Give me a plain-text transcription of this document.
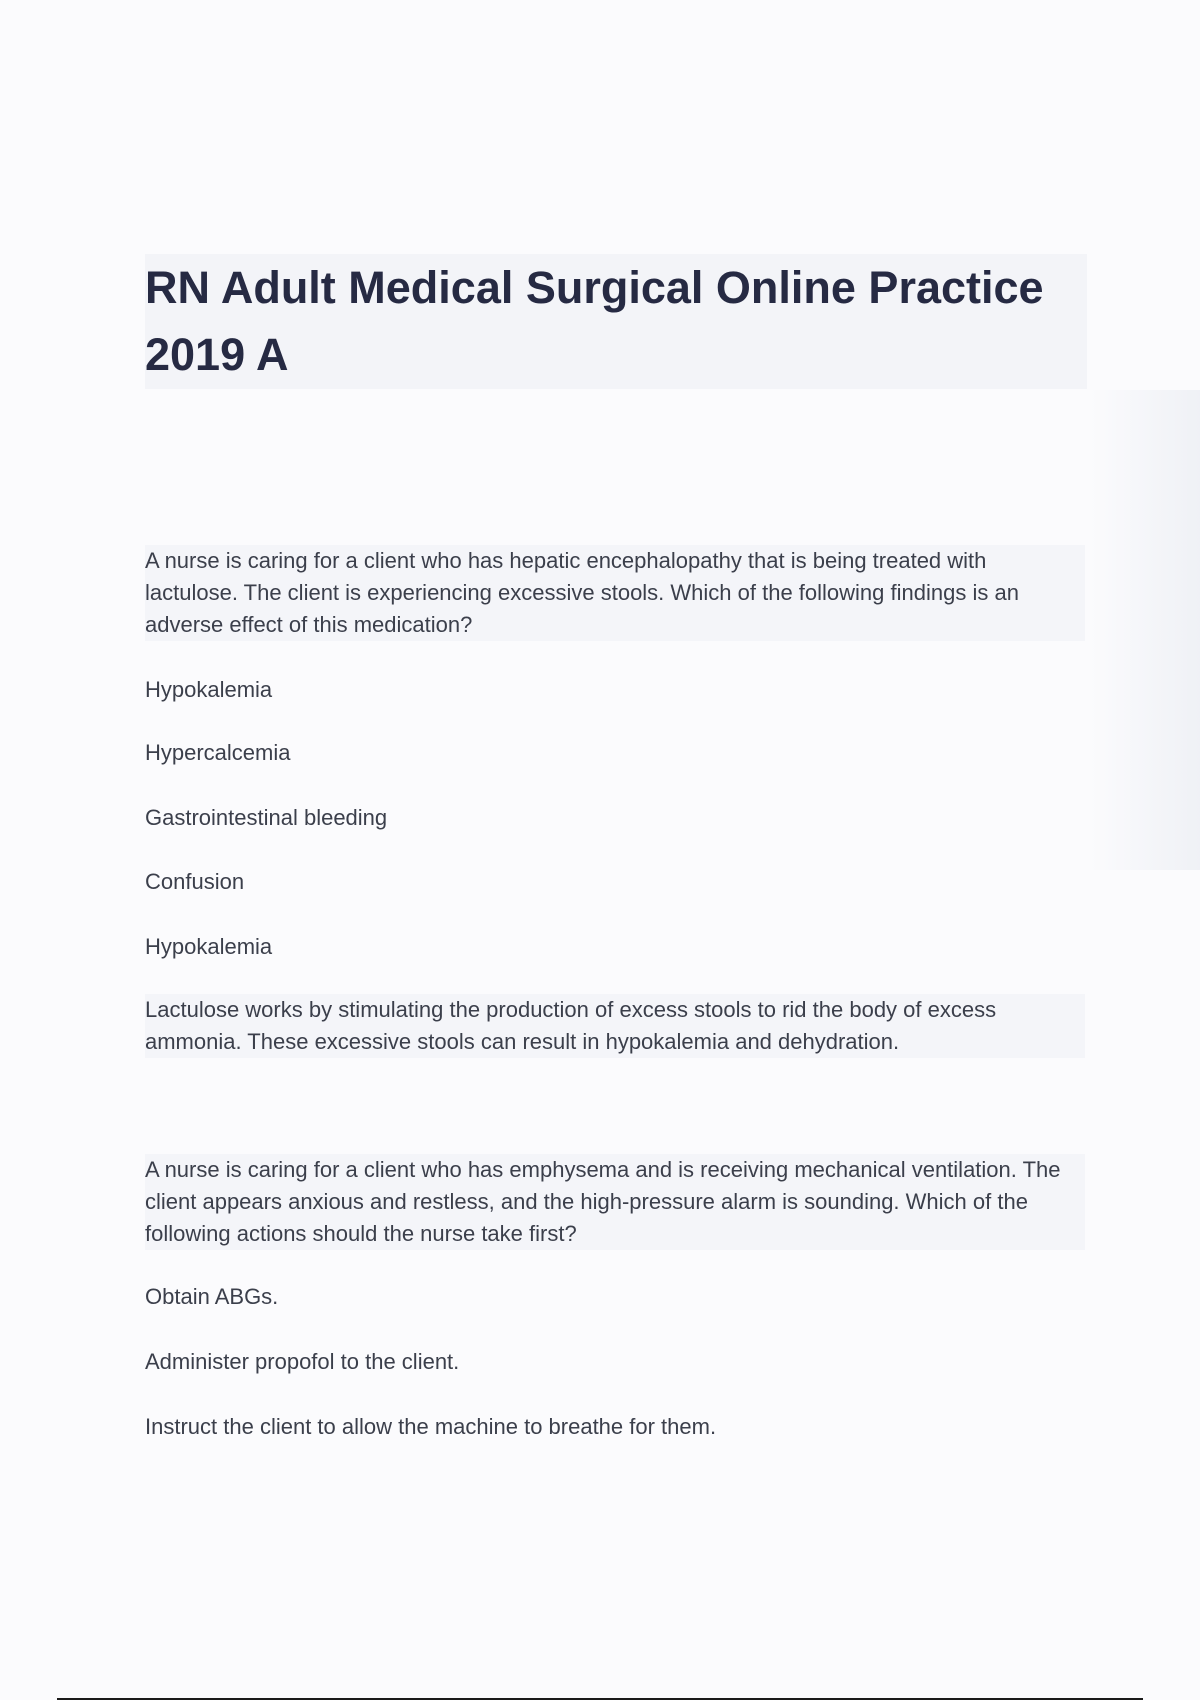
RN Adult Medical Surgical Online Practice 2019 A

A nurse is caring for a client who has hepatic encephalopathy that is being treated with lactulose. The client is experiencing excessive stools. Which of the following findings is an adverse effect of this medication?

Hypokalemia
Hypercalcemia
Gastrointestinal bleeding
Confusion
Hypokalemia

Lactulose works by stimulating the production of excess stools to rid the body of excess ammonia. These excessive stools can result in hypokalemia and dehydration.

A nurse is caring for a client who has emphysema and is receiving mechanical ventilation. The client appears anxious and restless, and the high-pressure alarm is sounding. Which of the following actions should the nurse take first?

Obtain ABGs.
Administer propofol to the client.
Instruct the client to allow the machine to breathe for them.
